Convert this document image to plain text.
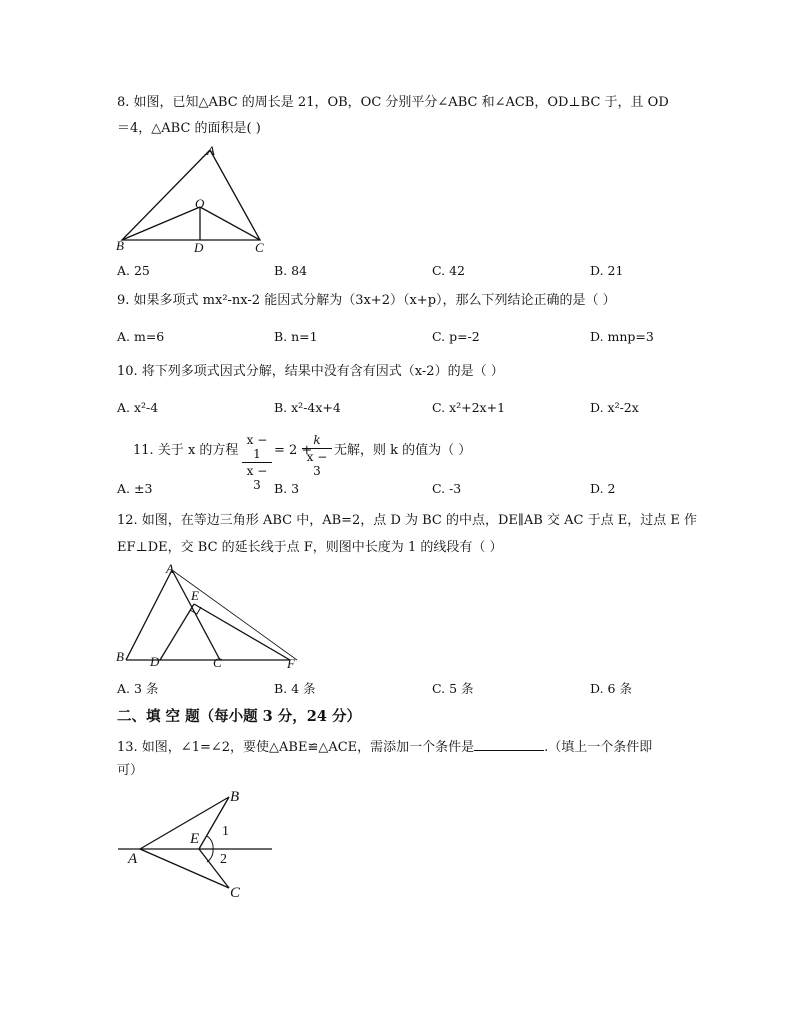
8. 如图，已知△ABC 的周长是 21，OB，OC 分别平分∠ABC 和∠ACB，OD⊥BC 于，且 OD
＝4，△ABC 的面积是( )
A
O
B	D	C
A. 25	B. 84	C. 42	D. 21
9. 如果多项式 mx²-nx-2 能因式分解为（3x+2）（x+p），那么下列结论正确的是（ ）
A. m=6	B. n=1	C. p=-2	D. mnp=3
10. 将下列多项式因式分解，结果中没有含有因式（x-2）的是（ ）
A. x²-4	B. x²-4x+4	C. x²+2x+1	D. x²-2x
11. 关于 x 的方程 $\frac{x - 1}{x - 3} = 2$ +
$\frac{k}{x - 3}$ 无解，则 k 的值为（ ）
A. ±3	B. 3	C. -3	D. 2
12. 如图，在等边三角形 ABC 中，AB=2，点 D 为 BC 的中点，DE∥AB 交 AC 于点 E，过点 E 作
EF⊥DE，交 BC 的延长线于点 F，则图中长度为 1 的线段有（ ）
A
E
B D	C	F
A. 3 条	B. 4 条	C. 5 条	D. 6 条
二、填 空 题（每小题 3 分，24 分）
13. 如图，∠1=∠2，要使△ABE≌△ACE，需添加一个条件是	.（填上一个条件即
可）
B
E 1
A	2
C
